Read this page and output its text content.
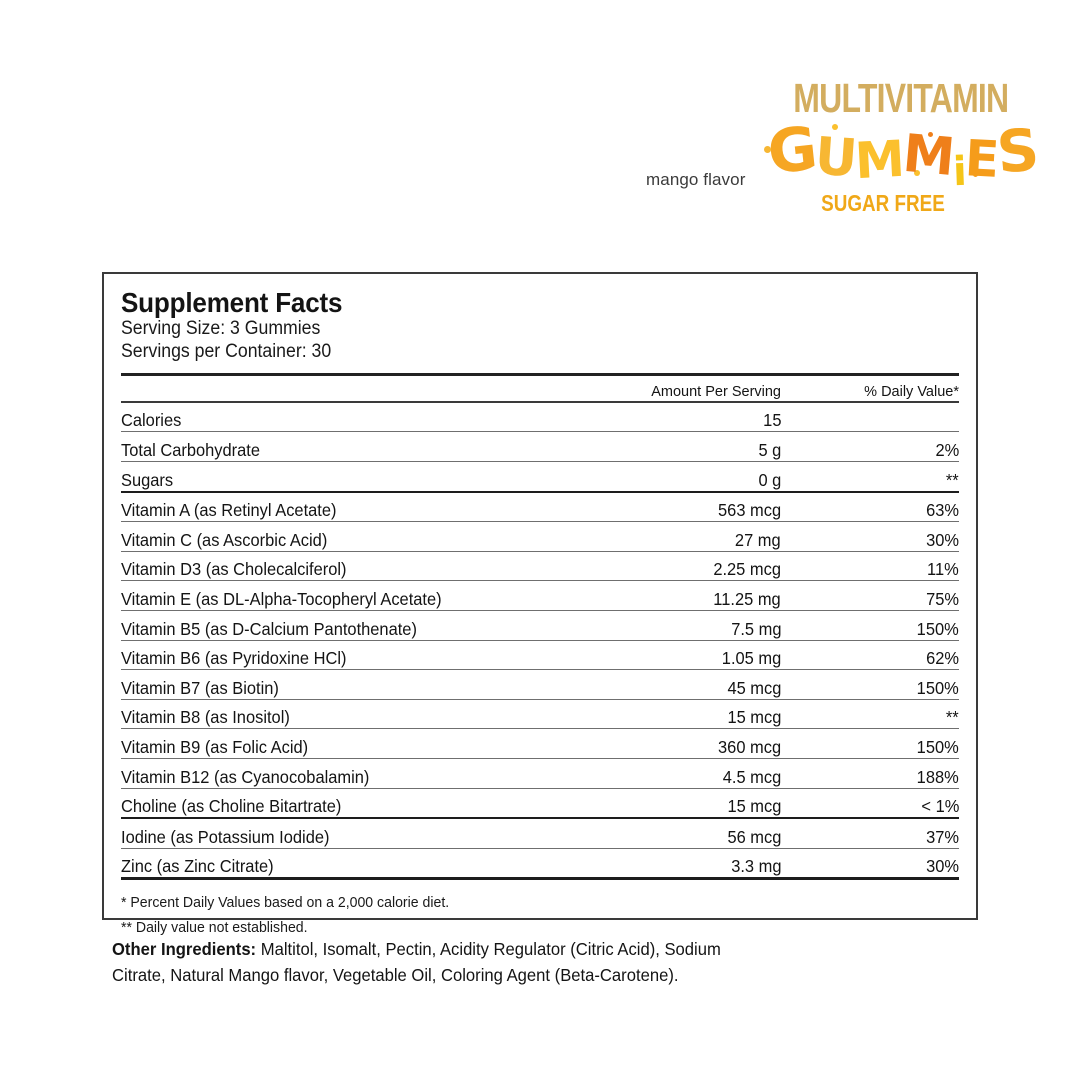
MULTIVITAMIN
GUMMiES
SUGAR FREE
mango flavor
Supplement Facts
Serving Size: 3 Gummies
Servings per Container: 30
	Amount Per Serving	% Daily Value*
Calories	15	
Total Carbohydrate	5 g	2%
Sugars	0 g	**
Vitamin A (as Retinyl Acetate)	563 mcg	63%
Vitamin C (as Ascorbic Acid)	27 mg	30%
Vitamin D3 (as Cholecalciferol)	2.25 mcg	11%
Vitamin E (as DL-Alpha-Tocopheryl Acetate)	11.25 mg	75%
Vitamin B5 (as D-Calcium Pantothenate)	7.5 mg	150%
Vitamin B6 (as Pyridoxine HCl)	1.05 mg	62%
Vitamin B7 (as Biotin)	45 mcg	150%
Vitamin B8 (as Inositol)	15 mcg	**
Vitamin B9 (as Folic Acid)	360 mcg	150%
Vitamin B12 (as Cyanocobalamin)	4.5 mcg	188%
Choline (as Choline Bitartrate)	15 mcg	< 1%
Iodine (as Potassium Iodide)	56 mcg	37%
Zinc (as Zinc Citrate)	3.3 mg	30%
* Percent Daily Values based on a 2,000 calorie diet.
** Daily value not established.
Other Ingredients: Maltitol, Isomalt, Pectin, Acidity Regulator (Citric Acid), Sodium Citrate, Natural Mango flavor, Vegetable Oil, Coloring Agent (Beta-Carotene).
